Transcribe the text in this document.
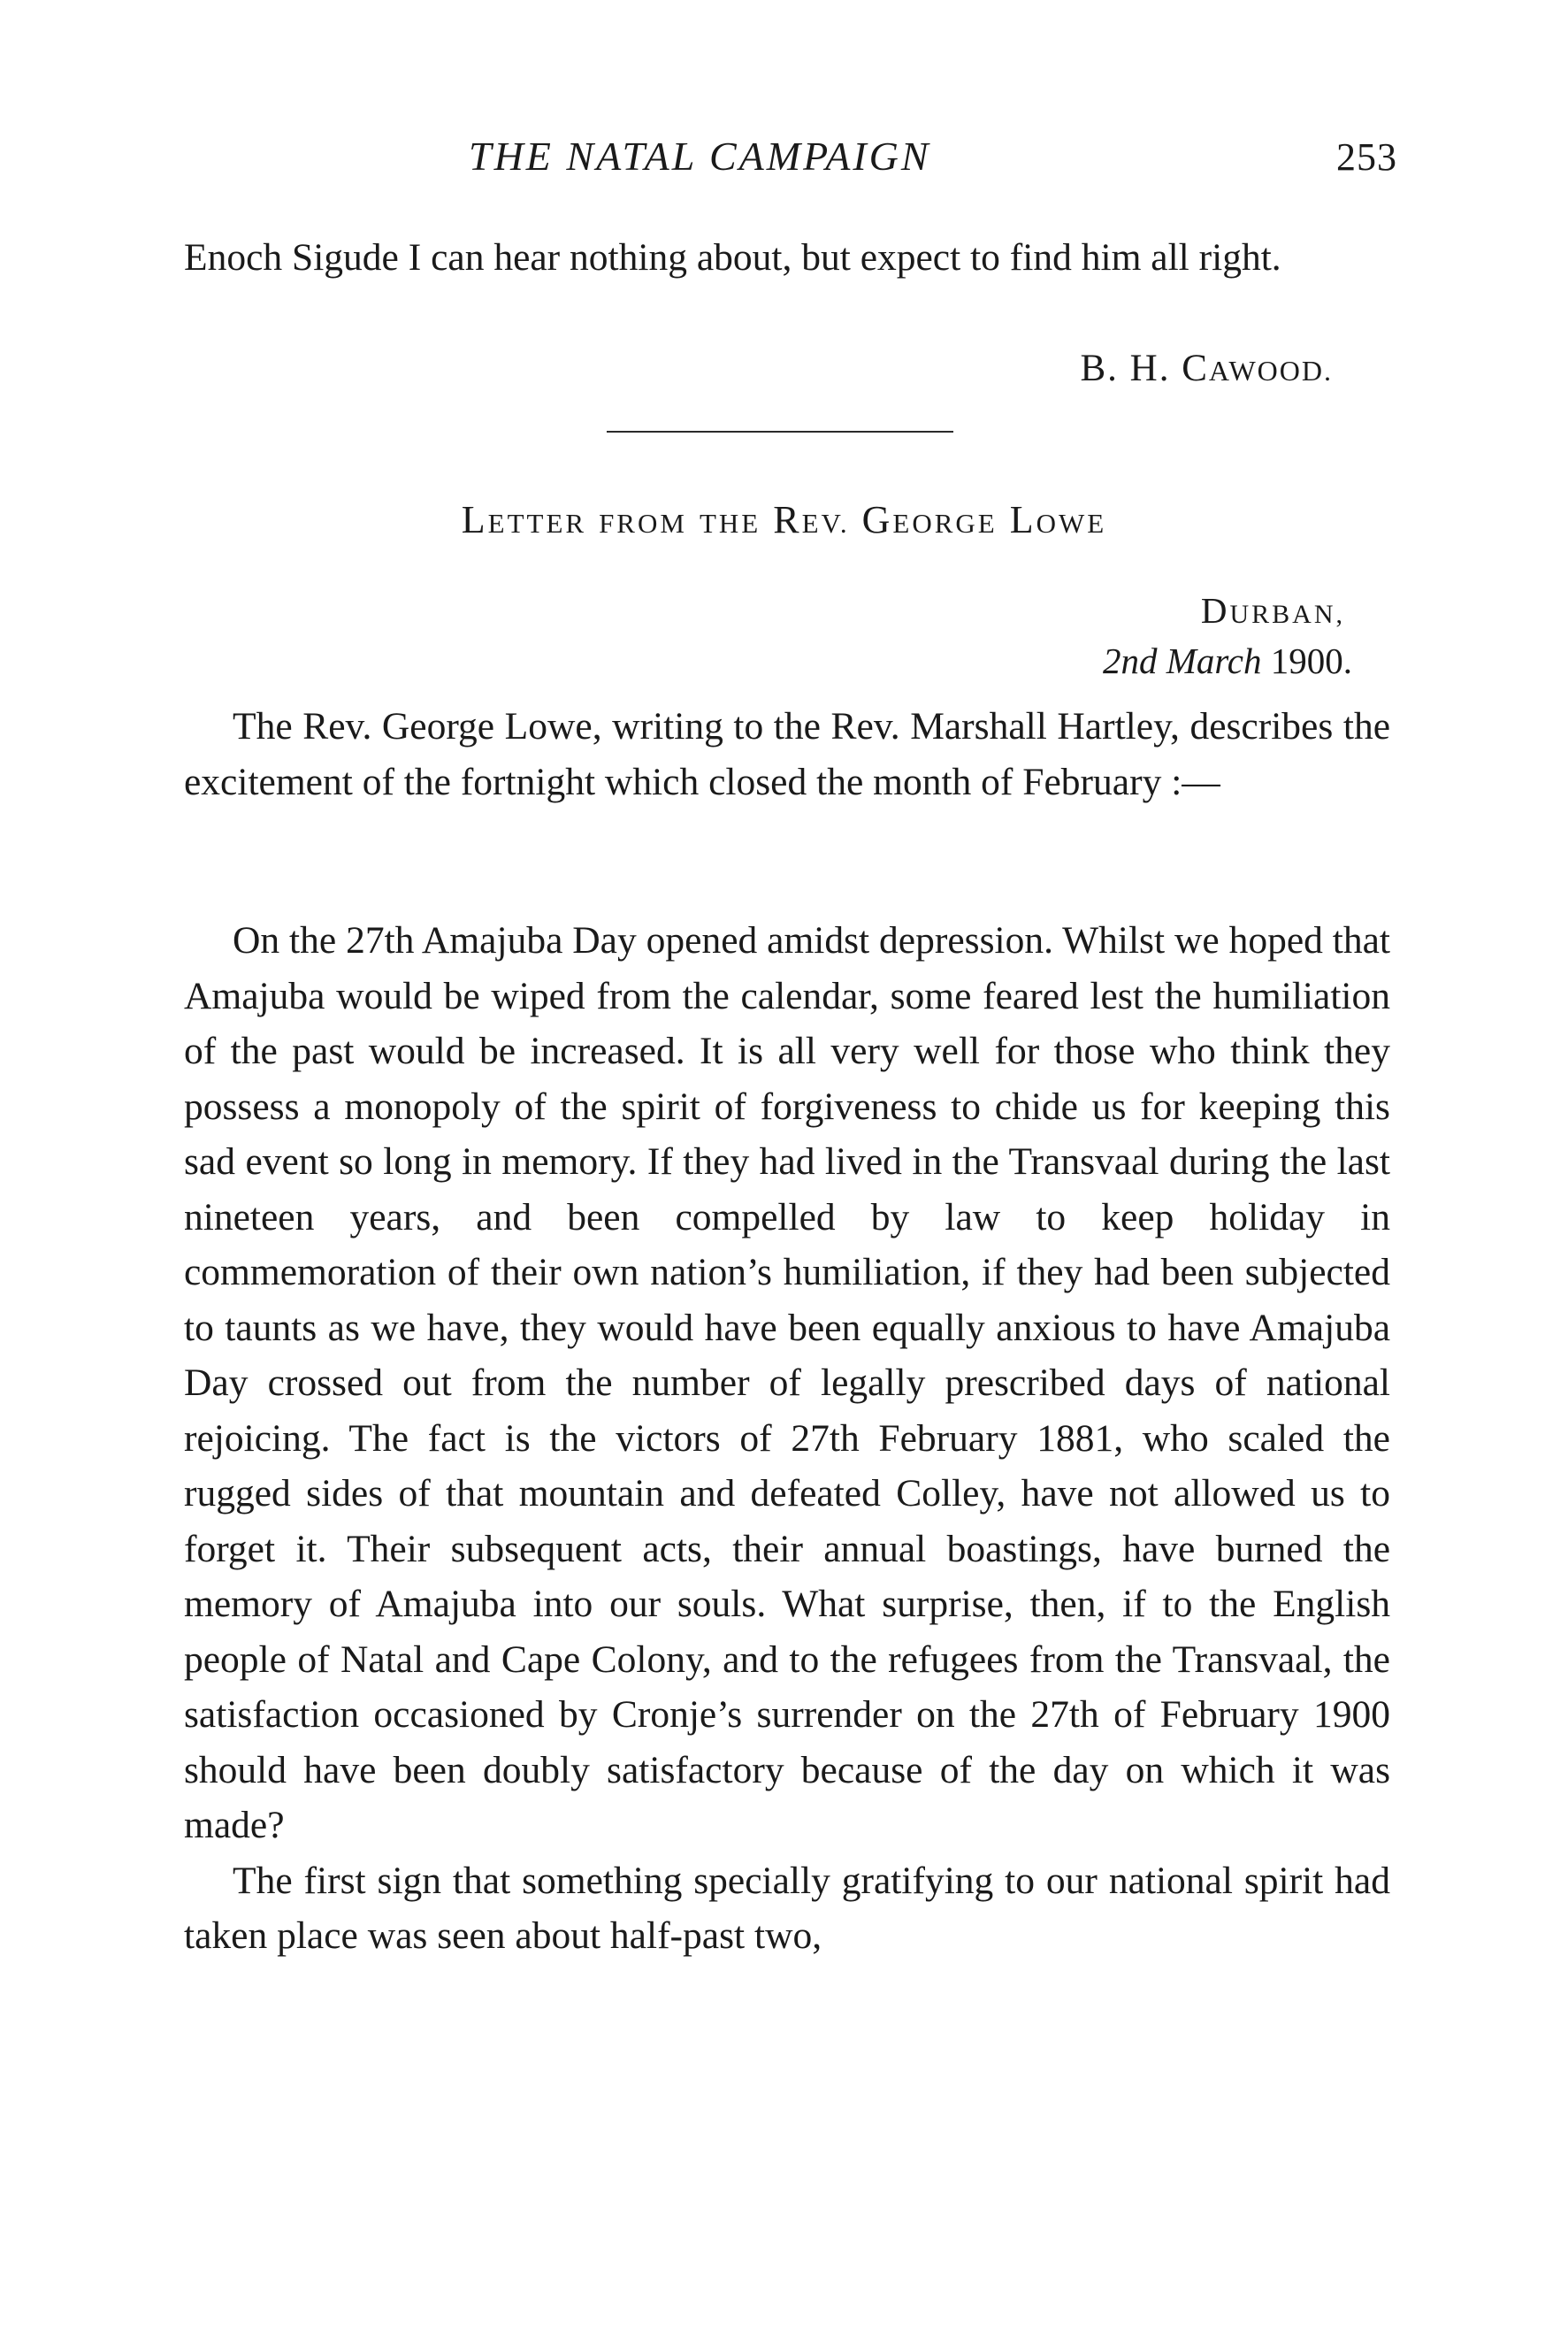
THE NATAL CAMPAIGN	253

Enoch Sigude I can hear nothing about, but expect to find him all right.

B. H. CAWOOD.
LETTER FROM THE REV. GEORGE LOWE
DURBAN,
2nd March 1900.

The Rev. George Lowe, writing to the Rev. Marshall Hartley, describes the excitement of the fortnight which closed the month of February :—

On the 27th Amajuba Day opened amidst depression. Whilst we hoped that Amajuba would be wiped from the calendar, some feared lest the humiliation of the past would be increased. It is all very well for those who think they possess a monopoly of the spirit of forgiveness to chide us for keeping this sad event so long in memory. If they had lived in the Transvaal during the last nineteen years, and been compelled by law to keep holiday in commemoration of their own nation’s humiliation, if they had been subjected to taunts as we have, they would have been equally anxious to have Amajuba Day crossed out from the number of legally prescribed days of national rejoicing. The fact is the victors of 27th February 1881, who scaled the rugged sides of that mountain and defeated Colley, have not allowed us to forget it. Their subsequent acts, their annual boastings, have burned the memory of Amajuba into our souls. What surprise, then, if to the English people of Natal and Cape Colony, and to the refugees from the Transvaal, the satisfaction occasioned by Cronje’s surrender on the 27th of February 1900 should have been doubly satisfactory because of the day on which it was made?

The first sign that something specially gratifying to our national spirit had taken place was seen about half-past two,
